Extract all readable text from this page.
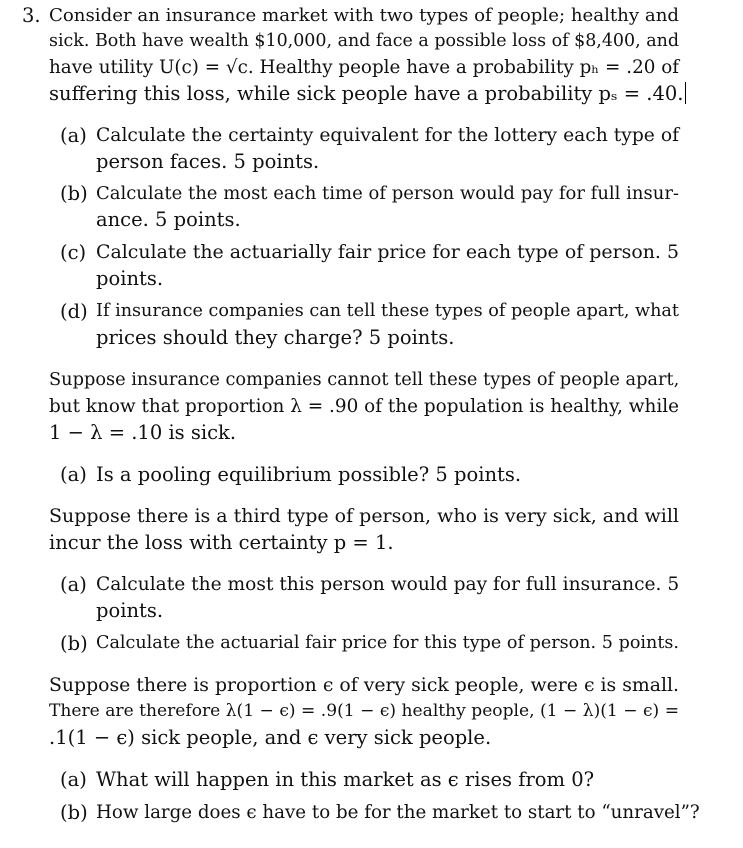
3. Consider an insurance market with two types of people; healthy and
sick. Both have wealth $10,000, and face a possible loss of $8,400, and
have utility U(c) = √c. Healthy people have a probability pₕ = .20 of
suffering this loss, while sick people have a probability pₛ = .40.
(a) Calculate the certainty equivalent for the lottery each type of
person faces. 5 points.
(b) Calculate the most each time of person would pay for full insur-
ance. 5 points.
(c) Calculate the actuarially fair price for each type of person. 5
points.
(d) If insurance companies can tell these types of people apart, what
prices should they charge? 5 points.
Suppose insurance companies cannot tell these types of people apart,
but know that proportion λ = .90 of the population is healthy, while
1 − λ = .10 is sick.
(a) Is a pooling equilibrium possible? 5 points.
Suppose there is a third type of person, who is very sick, and will
incur the loss with certainty p = 1.
(a) Calculate the most this person would pay for full insurance. 5
points.
(b) Calculate the actuarial fair price for this type of person. 5 points.
Suppose there is proportion ϵ of very sick people, were ϵ is small.
There are therefore λ(1 − ϵ) = .9(1 − ϵ) healthy people, (1 − λ)(1 − ϵ) =
.1(1 − ϵ) sick people, and ϵ very sick people.
(a) What will happen in this market as ϵ rises from 0?
(b) How large does ϵ have to be for the market to start to “unravel”?
